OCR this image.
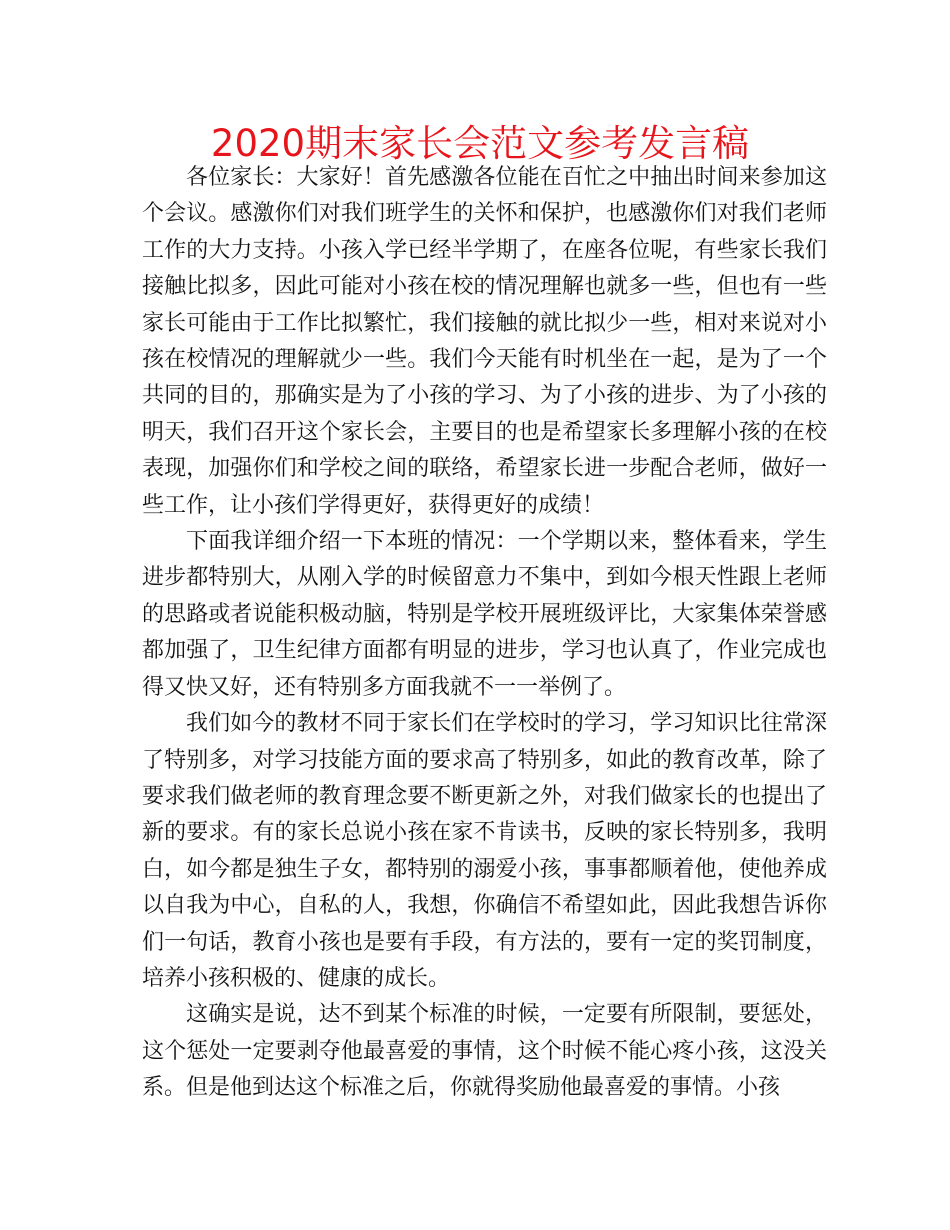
2020期末家长会范文参考发言稿

各位家长：大家好！首先感激各位能在百忙之中抽出时间来参加这个会议。感激你们对我们班学生的关怀和保护，也感激你们对我们老师工作的大力支持。小孩入学已经半学期了，在座各位呢，有些家长我们接触比拟多，因此可能对小孩在校的情况理解也就多一些，但也有一些家长可能由于工作比拟繁忙，我们接触的就比拟少一些，相对来说对小孩在校情况的理解就少一些。我们今天能有时机坐在一起，是为了一个共同的目的，那确实是为了小孩的学习、为了小孩的进步、为了小孩的明天，我们召开这个家长会，主要目的也是希望家长多理解小孩的在校表现，加强你们和学校之间的联络，希望家长进一步配合老师，做好一些工作，让小孩们学得更好，获得更好的成绩！

下面我详细介绍一下本班的情况：一个学期以来，整体看来，学生进步都特别大，从刚入学的时候留意力不集中，到如今根天性跟上老师的思路或者说能积极动脑，特别是学校开展班级评比，大家集体荣誉感都加强了，卫生纪律方面都有明显的进步，学习也认真了，作业完成也得又快又好，还有特别多方面我就不一一举例了。

我们如今的教材不同于家长们在学校时的学习，学习知识比往常深了特别多，对学习技能方面的要求高了特别多，如此的教育改革，除了要求我们做老师的教育理念要不断更新之外，对我们做家长的也提出了新的要求。有的家长总说小孩在家不肯读书，反映的家长特别多，我明白，如今都是独生子女，都特别的溺爱小孩，事事都顺着他，使他养成以自我为中心，自私的人，我想，你确信不希望如此，因此我想告诉你们一句话，教育小孩也是要有手段，有方法的，要有一定的奖罚制度，培养小孩积极的、健康的成长。

这确实是说，达不到某个标准的时候，一定要有所限制，要惩处，这个惩处一定要剥夺他最喜爱的事情，这个时候不能心疼小孩，这没关系。但是他到达这个标准之后，你就得奖励他最喜爱的事情。小孩
